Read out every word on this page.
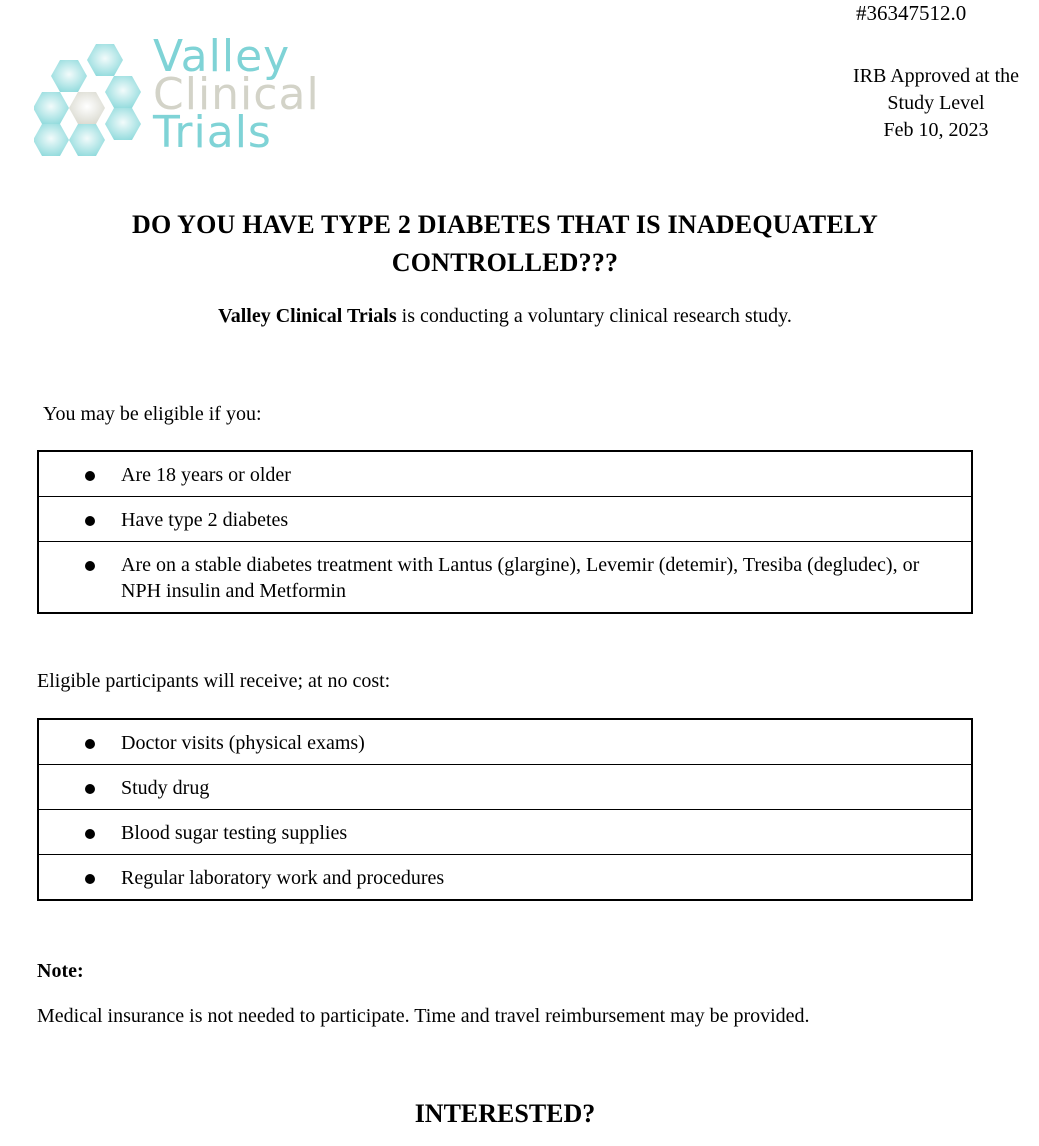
#36347512.0
Valley
Clinical
Trials
IRB Approved at the
Study Level
Feb 10, 2023
DO YOU HAVE TYPE 2 DIABETES THAT IS INADEQUATELY
CONTROLLED???
Valley Clinical Trials is conducting a voluntary clinical research study.
You may be eligible if you:
Are 18 years or older
Have type 2 diabetes
Are on a stable diabetes treatment with Lantus (glargine), Levemir (detemir), Tresiba (degludec), or NPH insulin and Metformin
Eligible participants will receive; at no cost:
Doctor visits (physical exams)
Study drug
Blood sugar testing supplies
Regular laboratory work and procedures
Note:
Medical insurance is not needed to participate. Time and travel reimbursement may be provided.
INTERESTED?
